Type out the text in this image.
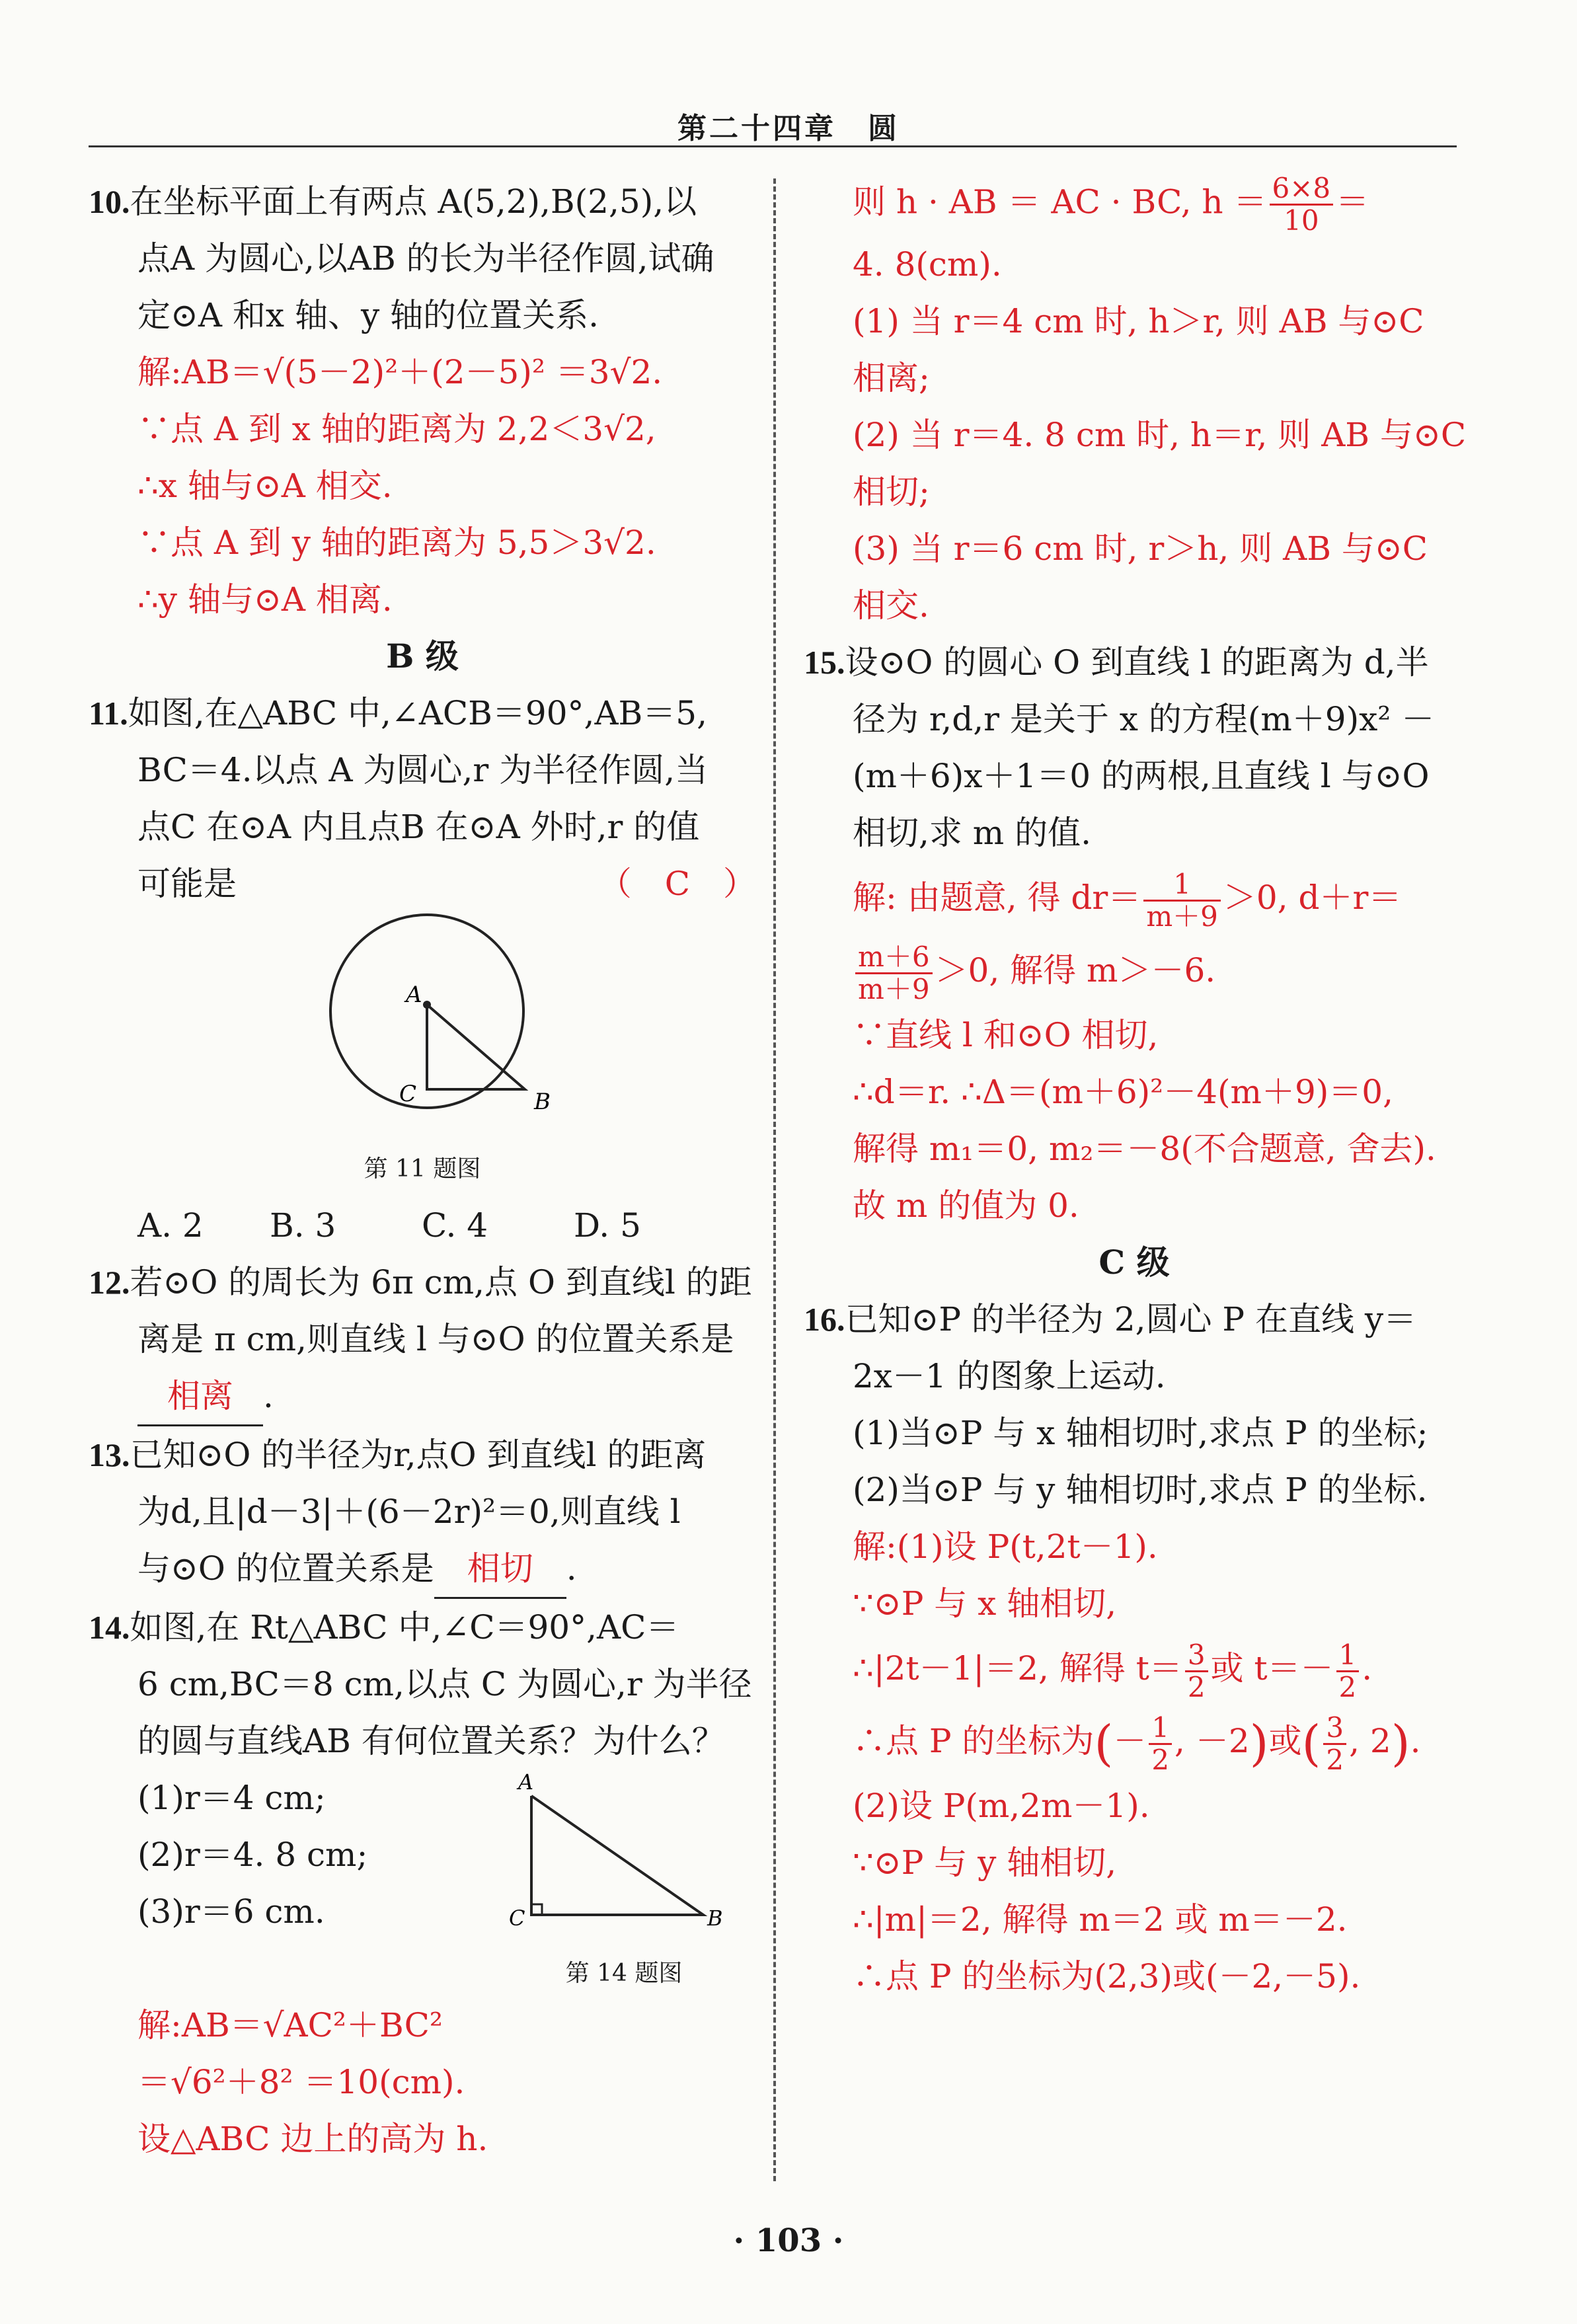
第二十四章　圆
10.在坐标平面上有两点 A(5,2),B(2,5),以
点A 为圆心,以AB 的长为半径作圆,试确
定⊙A 和x 轴、y 轴的位置关系.
解:AB＝√(5－2)²＋(2－5)² ＝3√2.
∵点 A 到 x 轴的距离为 2,2＜3√2,
∴x 轴与⊙A 相交.
∵点 A 到 y 轴的距离为 5,5＞3√2.
∴y 轴与⊙A 相离.
B 级
11.如图,在△ABC 中,∠ACB＝90°,AB＝5,
BC＝4.以点 A 为圆心,r 为半径作圆,当
点C 在⊙A 内且点B 在⊙A 外时,r 的值
可能是	（　C　）
A
C	B
第 11 题图
A. 2 B. 3	C. 4	D. 5
12.若⊙O 的周长为 6π cm,点 O 到直线l 的距
离是 π cm,则直线 l 与⊙O 的位置关系是
相离 .
13.已知⊙O 的半径为r,点O 到直线l 的距离
为d,且|d－3|＋(6－2r)²＝0,则直线 l
与⊙O 的位置关系是 相切 .
14.如图,在 Rt△ABC 中,∠C＝90°,AC＝
6 cm,BC＝8 cm,以点 C 为圆心,r 为半径
的圆与直线AB 有何位置关系？为什么？
(1)r＝4 cm;
(2)r＝4. 8 cm;
(3)r＝6 cm.
A
C	B
第 14 题图
解:AB＝√AC²＋BC²
＝√6²＋8² ＝10(cm).
设△ABC 边上的高为 h.
则 h · AB ＝ AC · BC, $h = \frac{6\times 8}{10}$ ＝
4. 8(cm).
(1) 当 r＝4 cm 时, h＞r, 则 AB 与⊙C
相离;
(2) 当 r＝4. 8 cm 时, h＝r, 则 AB 与⊙C
相切;
(3) 当 r＝6 cm 时, r＞h, 则 AB 与⊙C
相交.
15.设⊙O 的圆心 O 到直线 l 的距离为 d,半
径为 r,d,r 是关于 x 的方程(m＋9)x² －
(m＋6)x＋1＝0 的两根,且直线 l 与⊙O
相切,求 m 的值.
解: 由题意, 得 $dr= \frac{1}{m+9} >0$, d＋r＝
$\frac{m+6}{m+9} >0$, 解得 m＞－6.
∵直线 l 和⊙O 相切,
∴d＝r. ∴Δ＝(m＋6)²－4(m＋9)＝0,
解得 m₁＝0, m₂＝－8(不合题意, 舍去).
故 m 的值为 0.
C 级
16.已知⊙P 的半径为 2,圆心 P 在直线 y＝
2x－1 的图象上运动.
(1)当⊙P 与 x 轴相切时,求点 P 的坐标;
(2)当⊙P 与 y 轴相切时,求点 P 的坐标.
解:(1)设 P(t,2t－1).
∵⊙P 与 x 轴相切,
∴|2t－1|＝2, 解得 $t= \frac{3}{2}$ 或 $t=- \frac{1}{2}$ .
∴点 P 的坐标为(－ $\frac{1}{2}$ , －2)或( $\frac{3}{2}$ , 2).
(2)设 P(m,2m－1).
∵⊙P 与 y 轴相切,
∴|m|＝2, 解得 m＝2 或 m＝－2.
∴点 P 的坐标为(2,3)或(－2,－5).
· 103 ·
